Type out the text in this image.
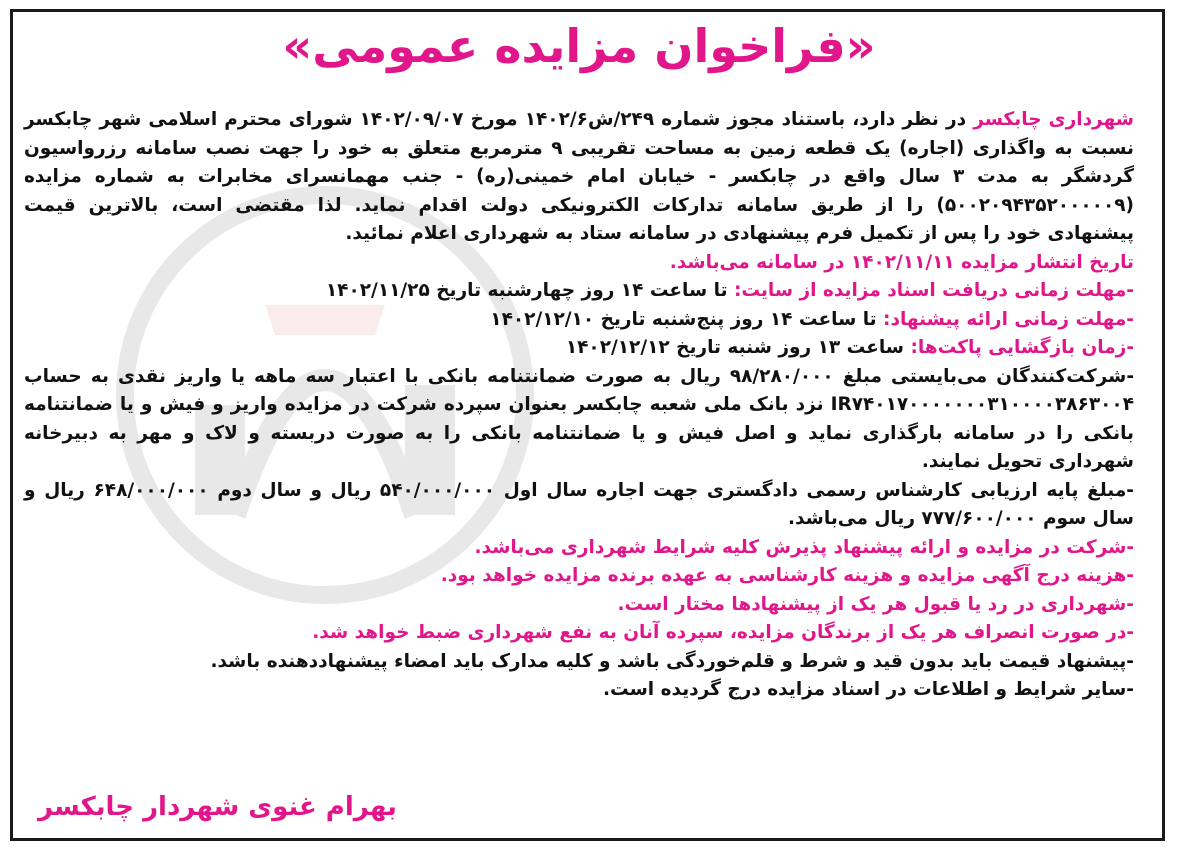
«فراخوان مزایده عمومی»

شهرداری چابکسر در نظر دارد، باستناد مجوز شماره ۲۴۹/ش۱۴۰۲/۶ مورخ ۱۴۰۲/۰۹/۰۷ شورای محترم اسلامی شهر چابکسر نسبت به واگذاری (اجاره) یک قطعه زمین به مساحت تقریبی ۹ مترمربع متعلق به خود را جهت نصب سامانه رزرواسیون گردشگر به مدت ۳ سال واقع در چابکسر - خیابان امام خمینی(ره) - جنب مهمانسرای مخابرات به شماره مزایده (۵۰۰۲۰۹۴۳۵۲۰۰۰۰۰۹) را از طریق سامانه تدارکات الکترونیکی دولت اقدام نماید. لذا مقتضی است، بالاترین قیمت پیشنهادی خود را پس از تکمیل فرم پیشنهادی در سامانه ستاد به شهرداری اعلام نمائید.

تاریخ انتشار مزایده ۱۴۰۲/۱۱/۱۱ در سامانه می‌باشد.

-مهلت زمانی دریافت اسناد مزایده از سایت: تا ساعت ۱۴ روز چهارشنبه تاریخ ۱۴۰۲/۱۱/۲۵

-مهلت زمانی ارائه پیشنهاد: تا ساعت ۱۴ روز پنج‌شنبه تاریخ ۱۴۰۲/۱۲/۱۰

-زمان بازگشایی پاکت‌ها: ساعت ۱۳ روز شنبه تاریخ ۱۴۰۲/۱۲/۱۲

-شرکت‌کنندگان می‌بایستی مبلغ ۹۸/۲۸۰/۰۰۰ ریال به صورت ضمانتنامه بانکی با اعتبار سه ماهه یا واریز نقدی به حساب IR۷۴۰۱۷۰۰۰۰۰۰۰۳۱۰۰۰۰۳۸۶۳۰۰۴ نزد بانک ملی شعبه چابکسر بعنوان سپرده شرکت در مزایده واریز و فیش و یا ضمانتنامه بانکی را در سامانه بارگذاری نماید و اصل فیش و یا ضمانتنامه بانکی را به صورت دربسته و لاک و مهر به دبیرخانه شهرداری تحویل نمایند.

-مبلغ پایه ارزیابی کارشناس رسمی دادگستری جهت اجاره سال اول ۵۴۰/۰۰۰/۰۰۰ ریال و سال دوم ۶۴۸/۰۰۰/۰۰۰ ریال و سال سوم ۷۷۷/۶۰۰/۰۰۰ ریال می‌باشد.

-شرکت در مزایده و ارائه پیشنهاد پذیرش کلیه شرایط شهرداری می‌باشد.

-هزینه درج آگهی مزایده و هزینه کارشناسی به عهده برنده مزایده خواهد بود.

-شهرداری در رد یا قبول هر یک از پیشنهادها مختار است.

-در صورت انصراف هر یک از برندگان مزایده، سپرده آنان به نفع شهرداری ضبط خواهد شد.

-پیشنهاد قیمت باید بدون قید و شرط و قلم‌خوردگی باشد و کلیه مدارک باید امضاء پیشنهاددهنده باشد.

-سایر شرایط و اطلاعات در اسناد مزایده درج گردیده است.

بهرام غنوی شهردار چابکسر
